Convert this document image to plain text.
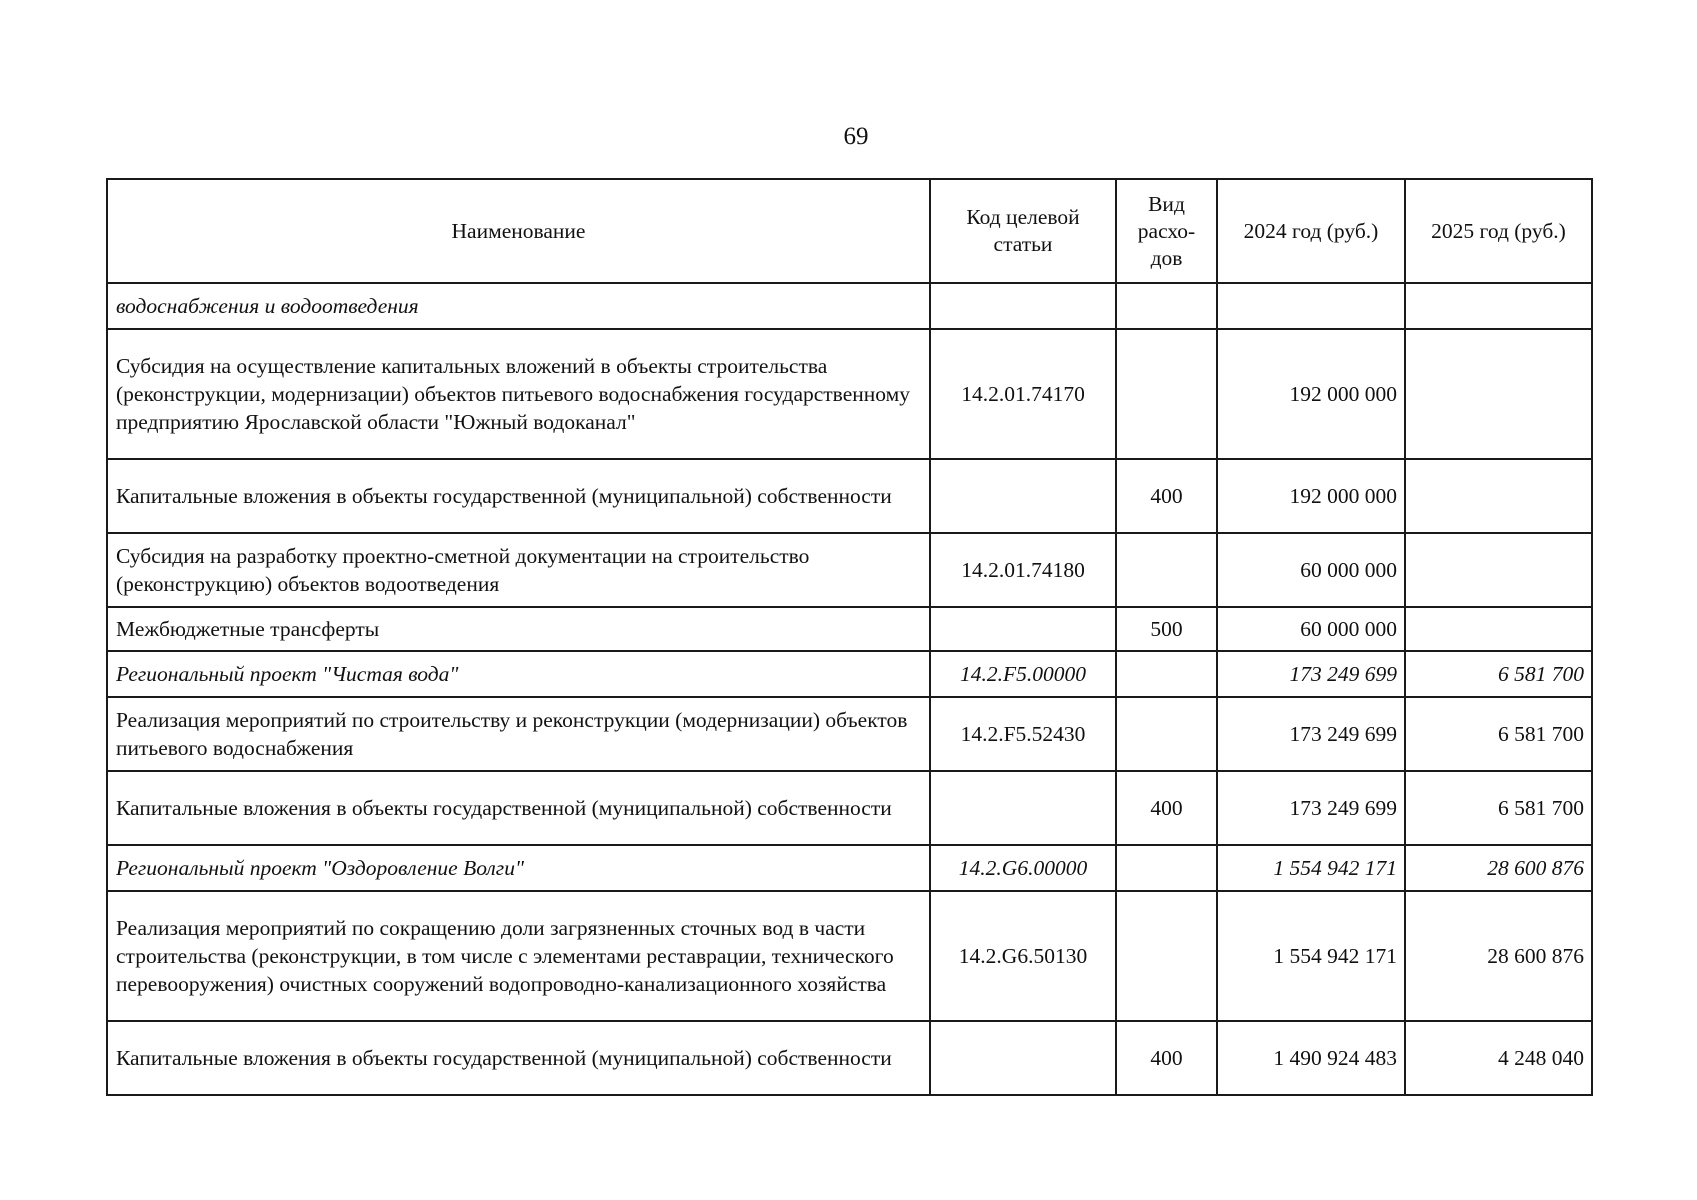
69
Наименование	Код целевой статьи	Вид расхо-дов	2024 год (руб.)	2025 год (руб.)
водоснабжения и водоотведения				
Субсидия на осуществление капитальных вложений в объекты строительства (реконструкции, модернизации) объектов питьевого водоснабжения государственному предприятию Ярославской области "Южный водоканал"	14.2.01.74170		192 000 000	
Капитальные вложения в объекты государственной (муниципальной) собственности		400	192 000 000	
Субсидия на разработку проектно-сметной документации на строительство (реконструкцию) объектов водоотведения	14.2.01.74180		60 000 000	
Межбюджетные трансферты		500	60 000 000	
Региональный проект "Чистая вода"	14.2.F5.00000		173 249 699	6 581 700
Реализация мероприятий по строительству и реконструкции (модернизации) объектов питьевого водоснабжения	14.2.F5.52430		173 249 699	6 581 700
Капитальные вложения в объекты государственной (муниципальной) собственности		400	173 249 699	6 581 700
Региональный проект "Оздоровление Волги"	14.2.G6.00000		1 554 942 171	28 600 876
Реализация мероприятий по сокращению доли загрязненных сточных вод в части строительства (реконструкции, в том числе с элементами реставрации, технического перевооружения) очистных сооружений водопроводно-канализационного хозяйства	14.2.G6.50130		1 554 942 171	28 600 876
Капитальные вложения в объекты государственной (муниципальной) собственности		400	1 490 924 483	4 248 040
